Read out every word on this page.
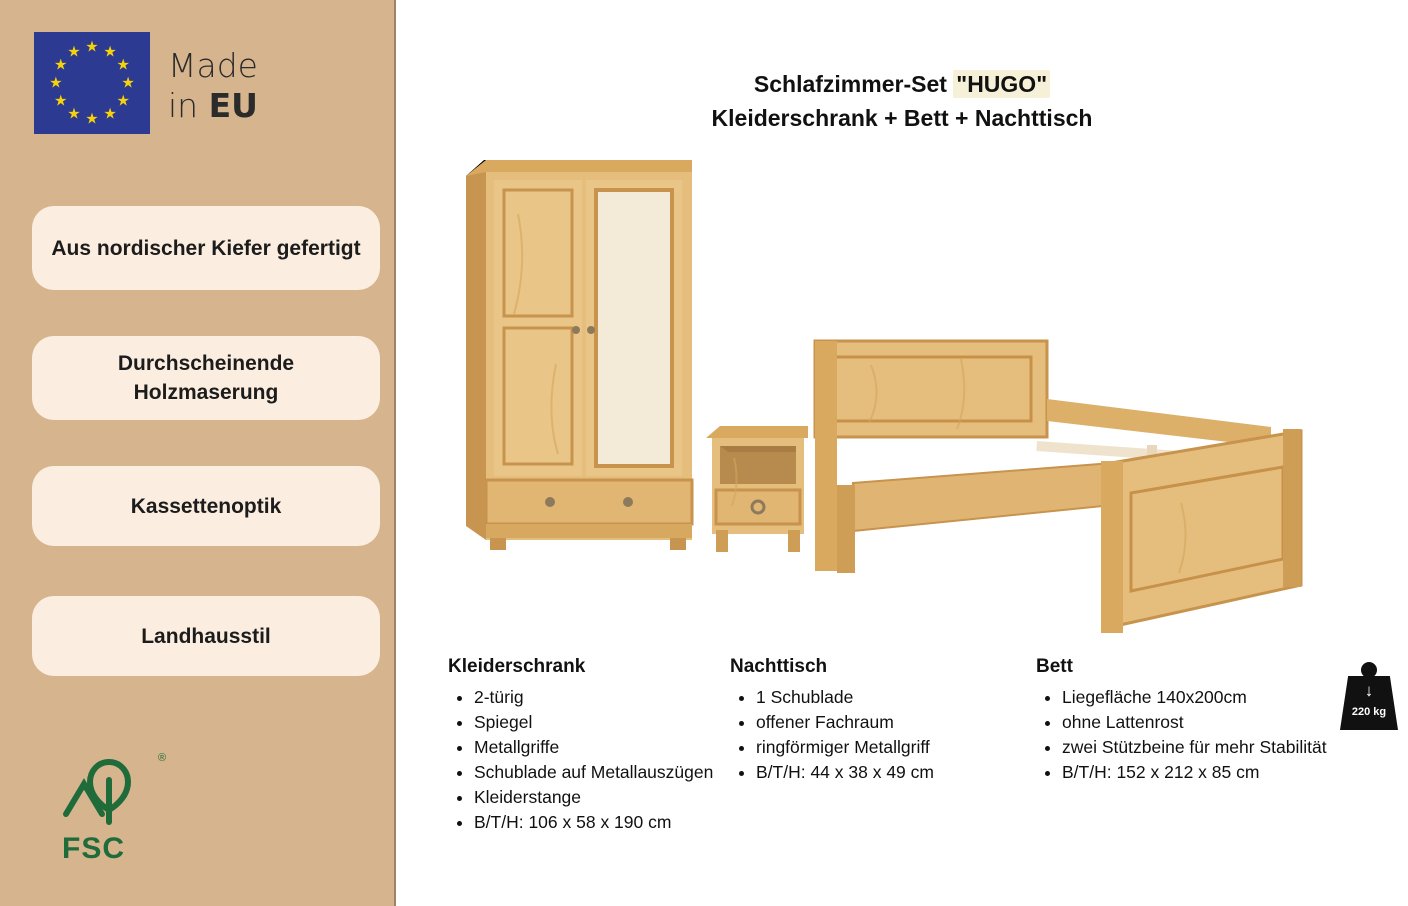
★ ★
★
★
★
★
★
★
★
★
★
★	Made
in EU
Aus nordischer Kiefer gefertigt
Durchscheinende Holzmaserung
Kassettenoptik
Landhausstil
®
FSC
Schlafzimmer-Set "HUGO"
Kleiderschrank + Bett + Nachttisch
Kleiderschrank
• 2-türig
• Spiegel
• Metallgriffe
• Schublade auf Metallauszügen
• Kleiderstange
• B/T/H: 106 x 58 x 190 cm
Nachttisch
• 1 Schublade
• offener Fachraum
• ringförmiger Metallgriff
• B/T/H: 44 x 38 x 49 cm
Bett
• Liegefläche 140x200cm
• ohne Lattenrost
• zwei Stützbeine für mehr Stabilität
• B/T/H: 152 x 212 x 85 cm
↓
220 kg
